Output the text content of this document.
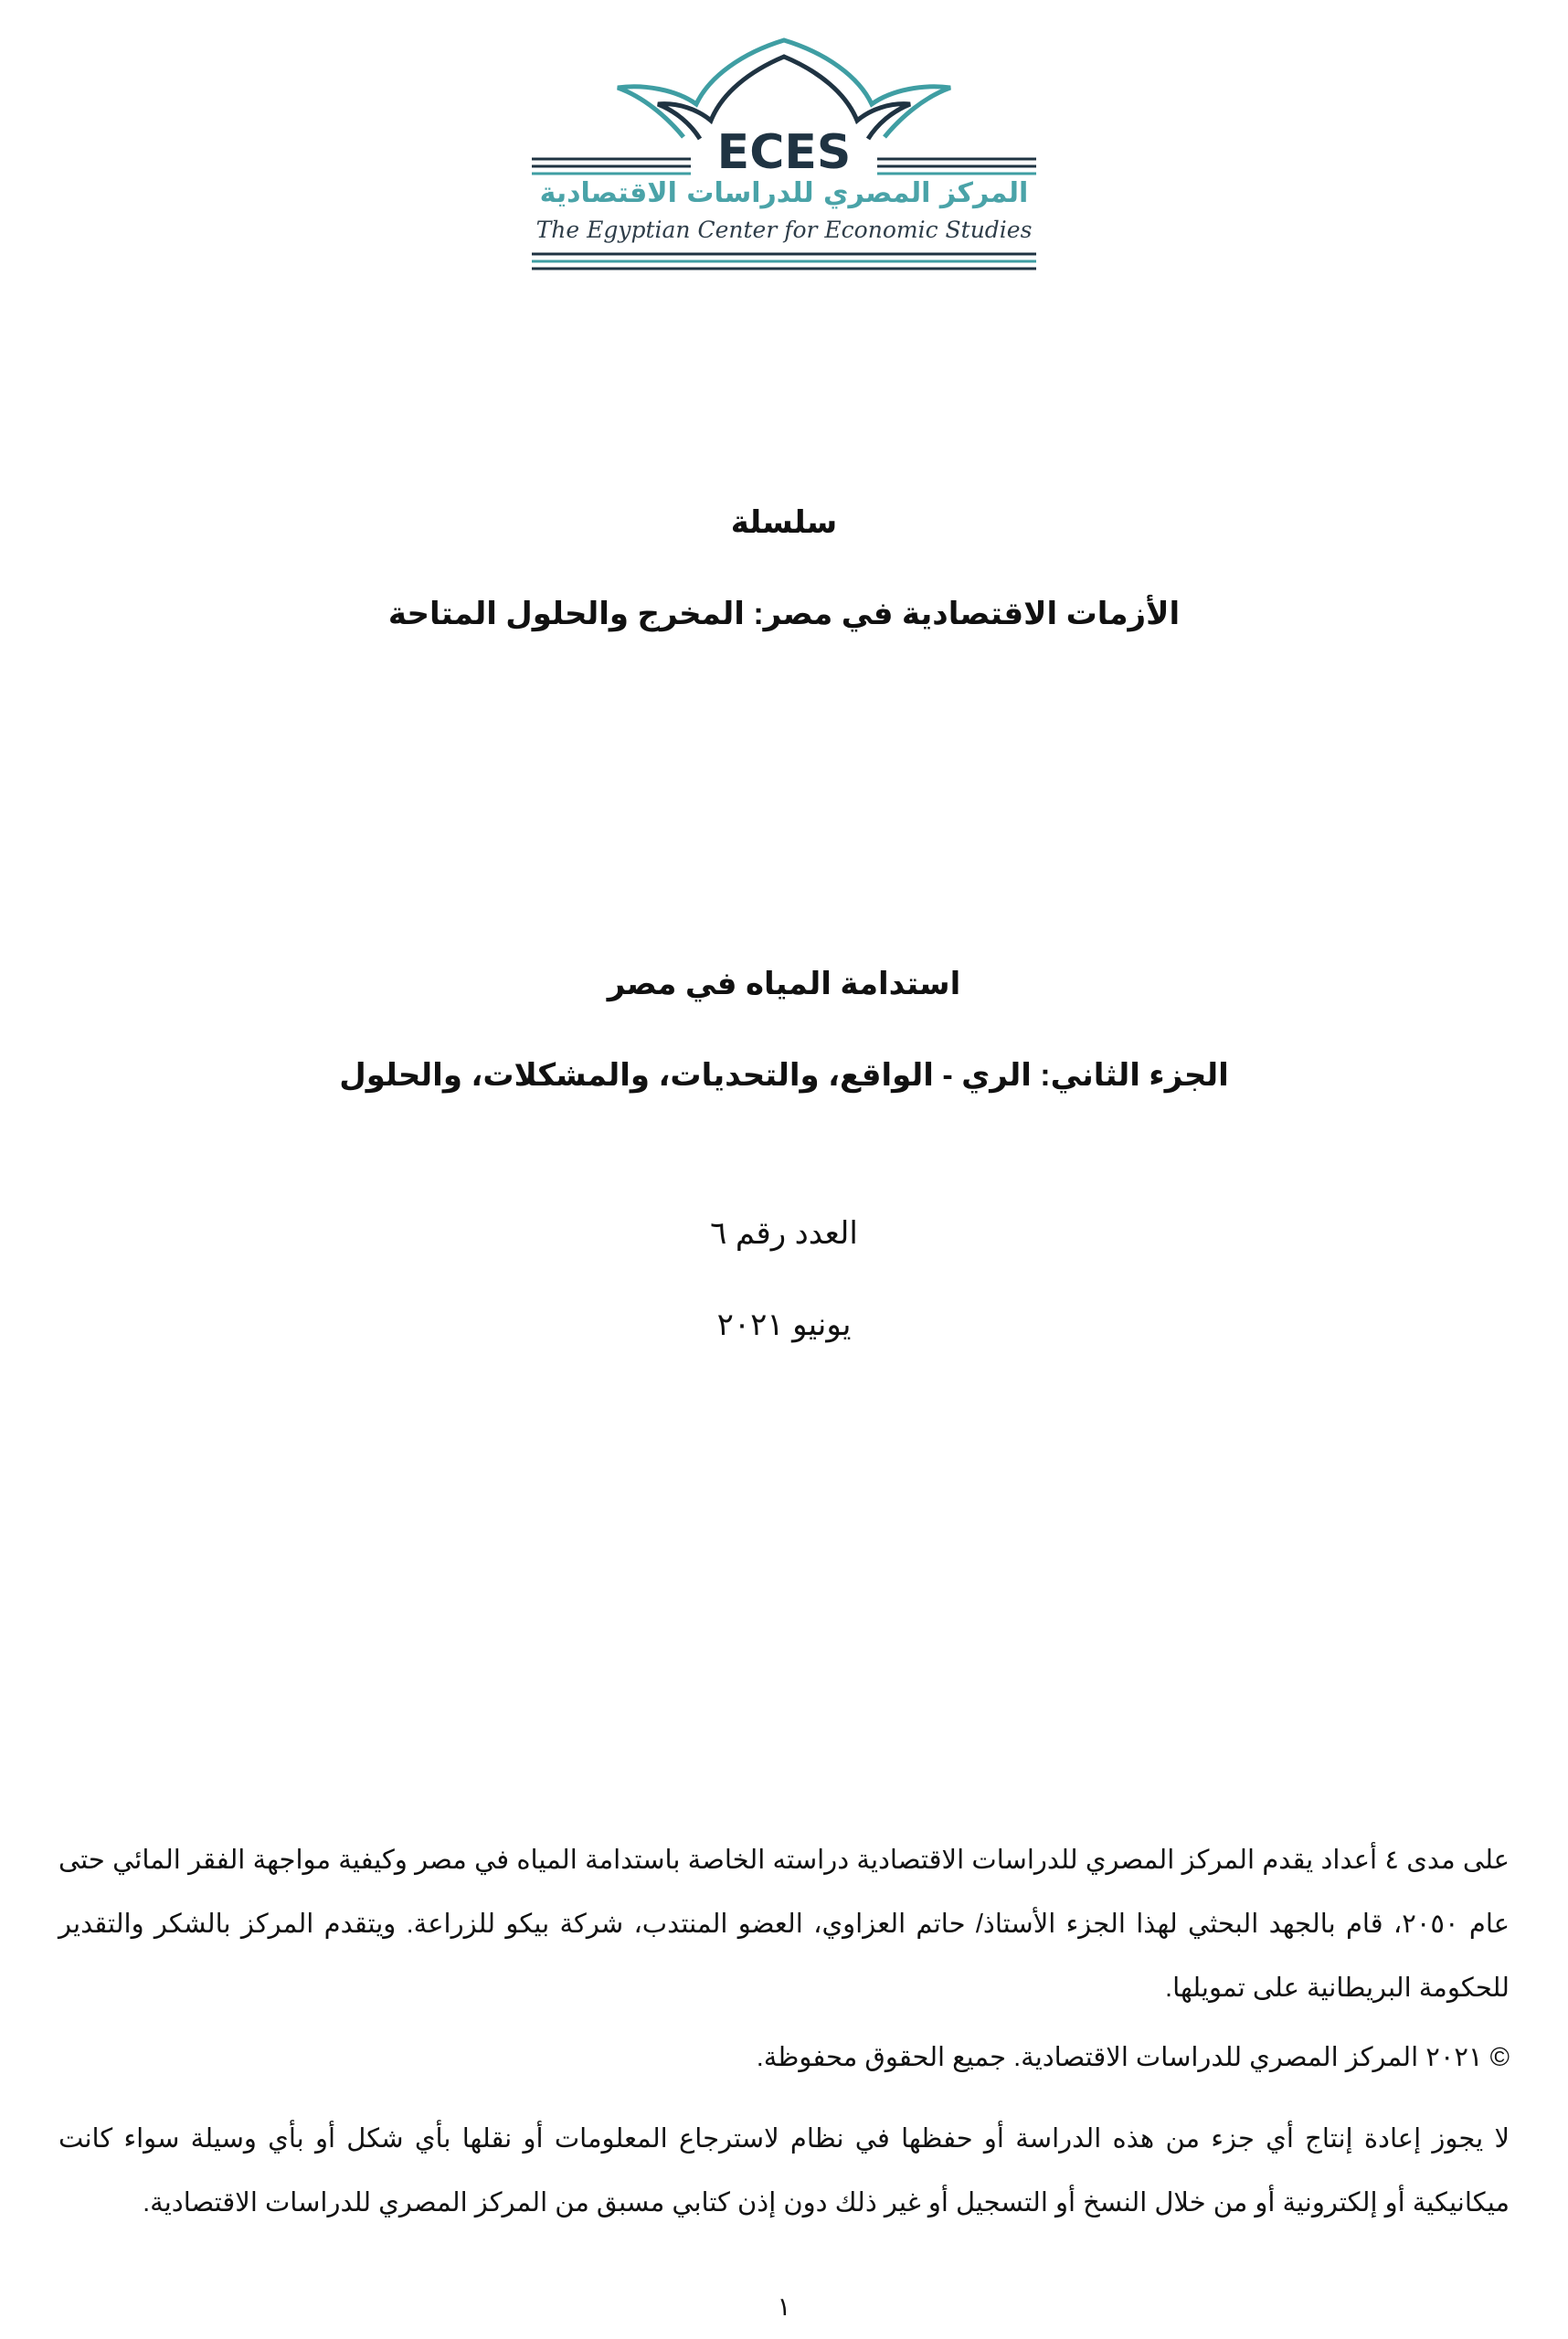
ECES
المركز المصري للدراسات الاقتصادية
The Egyptian Center for Economic Studies
سلسلة
الأزمات الاقتصادية في مصر: المخرج والحلول المتاحة
استدامة المياه في مصر
الجزء الثاني: الري - الواقع، والتحديات، والمشكلات، والحلول
العدد رقم ٦
يونيو ٢٠٢١

على مدى ٤ أعداد يقدم المركز المصري للدراسات الاقتصادية دراسته الخاصة باستدامة المياه في مصر وكيفية مواجهة الفقر المائي حتى عام ٢٠٥٠، قام بالجهد البحثي لهذا الجزء الأستاذ/ حاتم العزاوي، العضو المنتدب، شركة بيكو للزراعة. ويتقدم المركز بالشكر والتقدير للحكومة البريطانية على تمويلها.

© ٢٠٢١ المركز المصري للدراسات الاقتصادية. جميع الحقوق محفوظة.

لا يجوز إعادة إنتاج أي جزء من هذه الدراسة أو حفظها في نظام لاسترجاع المعلومات أو نقلها بأي شكل أو بأي وسيلة سواء كانت ميكانيكية أو إلكترونية أو من خلال النسخ أو التسجيل أو غير ذلك دون إذن كتابي مسبق من المركز المصري للدراسات الاقتصادية.

١
